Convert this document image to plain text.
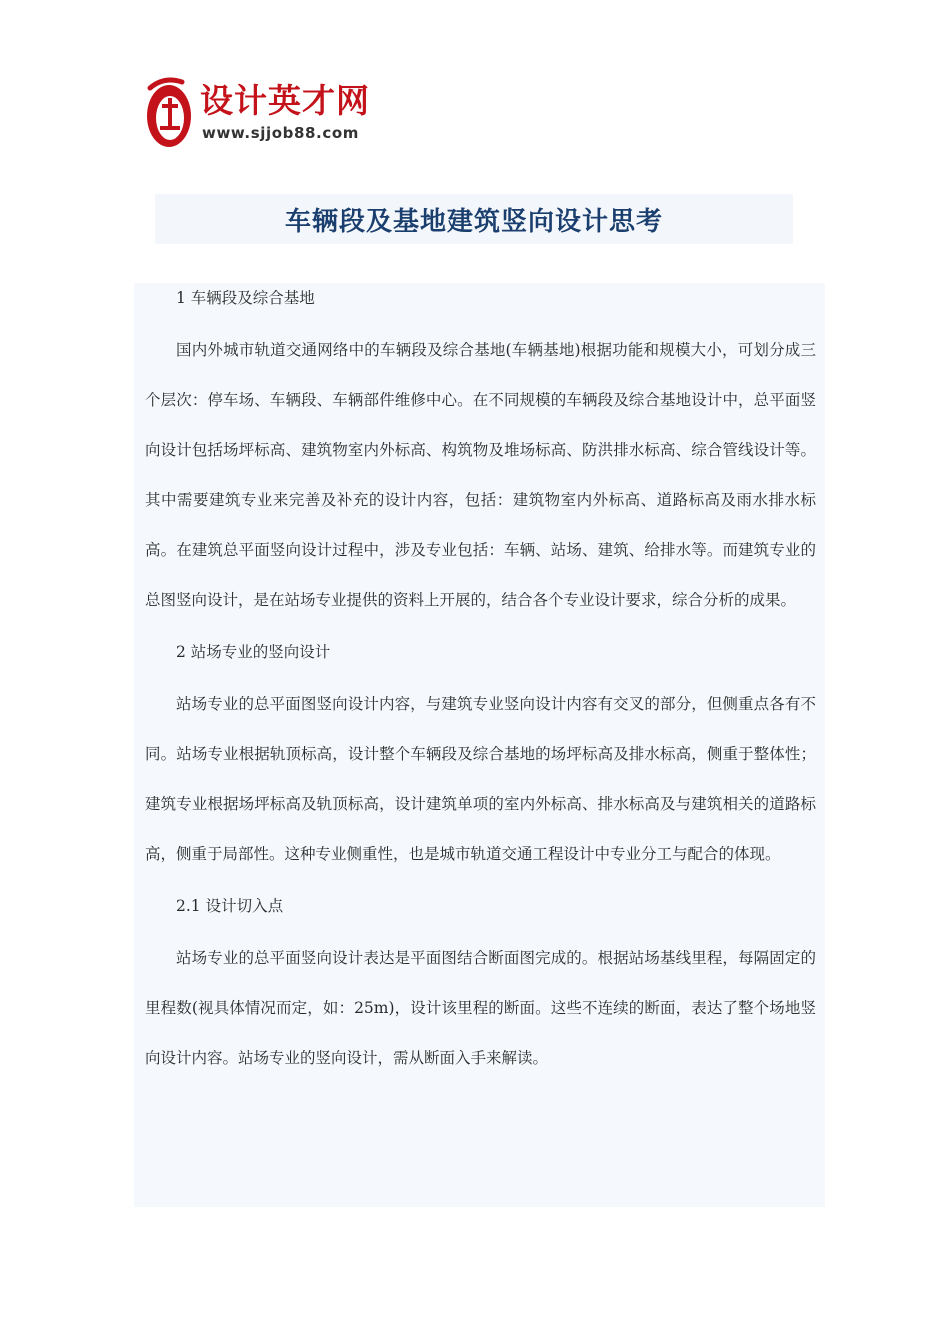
设计英才网
www.sjjob88.com
车辆段及基地建筑竖向设计思考

1 车辆段及综合基地

国内外城市轨道交通网络中的车辆段及综合基地(车辆基地)根据功能和规模大小，可划分成三个层次：停车场、车辆段、车辆部件维修中心。在不同规模的车辆段及综合基地设计中，总平面竖向设计包括场坪标高、建筑物室内外标高、构筑物及堆场标高、防洪排水标高、综合管线设计等。其中需要建筑专业来完善及补充的设计内容，包括：建筑物室内外标高、道路标高及雨水排水标高。在建筑总平面竖向设计过程中，涉及专业包括：车辆、站场、建筑、给排水等。而建筑专业的总图竖向设计，是在站场专业提供的资料上开展的，结合各个专业设计要求，综合分析的成果。

2 站场专业的竖向设计

站场专业的总平面图竖向设计内容，与建筑专业竖向设计内容有交叉的部分，但侧重点各有不同。站场专业根据轨顶标高，设计整个车辆段及综合基地的场坪标高及排水标高，侧重于整体性；建筑专业根据场坪标高及轨顶标高，设计建筑单项的室内外标高、排水标高及与建筑相关的道路标高，侧重于局部性。这种专业侧重性，也是城市轨道交通工程设计中专业分工与配合的体现。

2.1 设计切入点

站场专业的总平面竖向设计表达是平面图结合断面图完成的。根据站场基线里程，每隔固定的里程数(视具体情况而定，如：25m)，设计该里程的断面。这些不连续的断面，表达了整个场地竖向设计内容。站场专业的竖向设计，需从断面入手来解读。
